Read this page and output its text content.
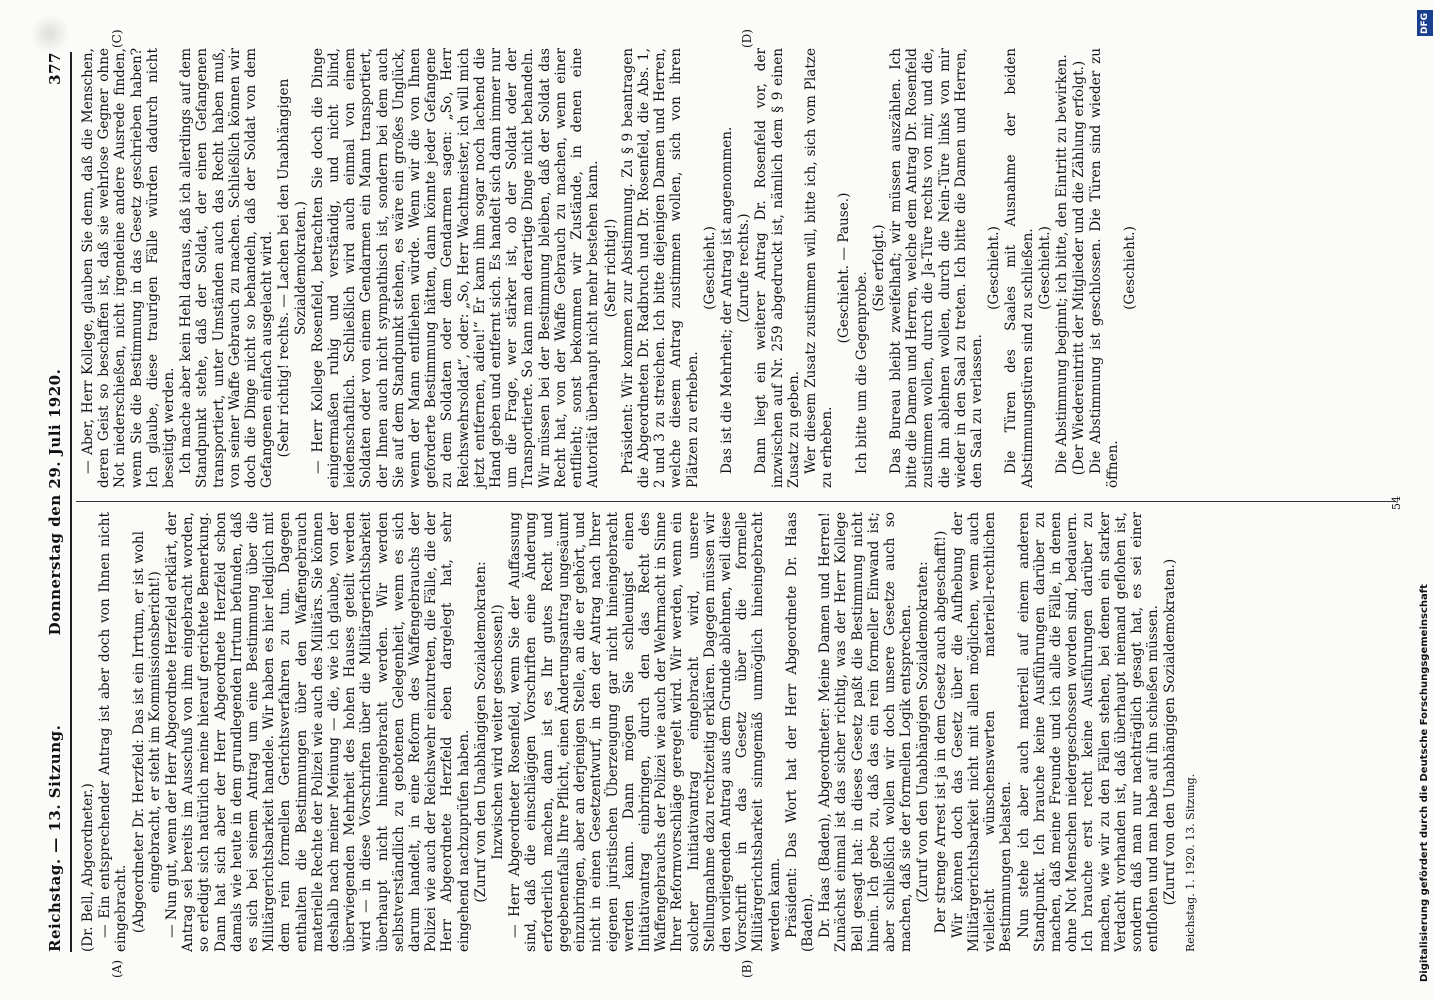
Reichstag. — 13. Sitzung.
Donnerstag den 29. Juli 1920.
377
(A)	(B)
(C)	(D)

(Dr. Bell, Abgeordneter.) — Ein entsprechender Antrag ist aber doch von Ihnen nicht eingebracht. (Abgeordneter Dr. Herzfeld: Das ist ein Irrtum, er ist wohl eingebracht, er steht im Kommissionsbericht!) — Nun gut, wenn der Herr Abgeordnete Herzfeld erklärt, der Antrag sei bereits im Ausschuß von ihm eingebracht worden, so erledigt sich natürlich meine hierauf gerichtete Bemerkung. Dann hat sich aber der Herr Abgeordnete Herzfeld schon damals wie heute in dem grundlegenden Irrtum befunden, daß es sich bei seinem Antrag um eine Bestimmung über die Militärgerichtsbarkeit handele. Wir haben es hier lediglich mit dem rein formellen Gerichtsverfahren zu tun. Dagegen enthalten die Bestimmungen über den Waffengebrauch materielle Rechte der Polizei wie auch des Militärs. Sie können deshalb nach meiner Meinung — die, wie ich glaube, von der überwiegenden Mehrheit des hohen Hauses geteilt werden wird — in diese Vorschriften über die Militärgerichtsbarkeit überhaupt nicht hineingebracht werden. Wir werden selbstverständlich zu gebotenen Gelegenheit, wenn es sich darum handelt, in eine Reform des Waffengebrauchs der Polizei wie auch der Reichswehr einzutreten, die Fälle, die der Herr Abgeordnete Herzfeld eben dargelegt hat, sehr eingehend nachzuprüfen haben. (Zuruf von den Unabhängigen Sozialdemokraten: Inzwischen wird weiter geschossen!) — Herr Abgeordneter Rosenfeld, wenn Sie der Auffassung sind, daß die einschlägigen Vorschriften eine Änderung erforderlich machen, dann ist es Ihr gutes Recht und gegebenenfalls Ihre Pflicht, einen Änderungsantrag ungesäumt einzubringen, aber an derjenigen Stelle, an die er gehört, und nicht in einen Gesetzentwurf, in den der Antrag nach Ihrer eigenen juristischen Überzeugung gar nicht hineingebracht werden kann. Dann mögen Sie schleunigst einen Initiativantrag einbringen, durch den das Recht des Waffengebrauchs der Polizei wie auch der Wehrmacht in Sinne Ihrer Reformvorschläge geregelt wird. Wir werden, wenn ein solcher Initiativantrag eingebracht wird, unsere Stellungnahme dazu rechtzeitig erklären. Dagegen müssen wir den vorliegenden Antrag aus dem Grunde ablehnen, weil diese Vorschrift in das Gesetz über die formelle Militärgerichtsbarkeit sinngemäß unmöglich hineingebracht werden kann. Präsident: Das Wort hat der Herr Abgeordnete Dr. Haas (Baden). Dr. Haas (Baden), Abgeordneter: Meine Damen und Herren! Zunächst einmal ist das sicher richtig, was der Herr Kollege Bell gesagt hat: in dieses Gesetz paßt die Bestimmung nicht hinein. Ich gebe zu, daß das ein rein formeller Einwand ist; aber schließlich wollen wir doch unsere Gesetze auch so machen, daß sie der formellen Logik entsprechen. (Zuruf von den Unabhängigen Sozialdemokraten: Der strenge Arrest ist ja in dem Gesetz auch abgeschafft!) Wir können doch das Gesetz über die Aufhebung der Militärgerichtsbarkeit nicht mit allen möglichen, wenn auch vielleicht wünschenswerten materiell-rechtlichen Bestimmungen belasten. Nun stehe ich aber auch materiell auf einem anderen Standpunkt. Ich brauche keine Ausführungen darüber zu machen, daß meine Freunde und ich alle die Fälle, in denen ohne Not Menschen niedergeschossen worden sind, bedauern. Ich brauche erst recht keine Ausführungen darüber zu machen, wie wir zu den Fällen stehen, bei denen ein starker Verdacht vorhanden ist, daß überhaupt niemand geflohen ist, sondern daß man nur nachträglich gesagt hat, es sei einer entflohen und man habe auf ihn schießen müssen. (Zuruf von den Unabhängigen Sozialdemokraten.) Reichstag. 1. 1920. 13. Sitzung.

— Aber, Herr Kollege, glauben Sie denn, daß die Menschen, deren Geist so beschaffen ist, daß sie wehrlose Gegner ohne Not niederschießen, nicht irgendeine andere Ausrede finden, wenn Sie die Bestimmung in das Gesetz geschrieben haben? Ich glaube, diese traurigen Fälle würden dadurch nicht beseitigt werden. Ich mache aber kein Hehl daraus, daß ich allerdings auf dem Standpunkt stehe, daß der Soldat, der einen Gefangenen transportiert, unter Umständen auch das Recht haben muß, von seiner Waffe Gebrauch zu machen. Schließlich können wir doch die Dinge nicht so behandeln, daß der Soldat von dem Gefangenen einfach ausgelacht wird. (Sehr richtig! rechts. — Lachen bei den Unabhängigen Sozialdemokraten.) — Herr Kollege Rosenfeld, betrachten Sie doch die Dinge einigermaßen ruhig und verständig, und nicht blind, leidenschaftlich. Schließlich wird auch einmal von einem Soldaten oder von einem Gendarmen ein Mann transportiert, der Ihnen auch nicht sympathisch ist, sondern bei dem auch Sie auf dem Standpunkt stehen, es wäre ein großes Unglück, wenn der Mann entfliehen würde. Wenn wir die von Ihnen geforderte Bestimmung hätten, dann könnte jeder Gefangene zu dem Soldaten oder dem Gendarmen sagen: „So, Herr Reichswehrsoldat“, oder: „So, Herr Wachtmeister, ich will mich jetzt entfernen, adieu!“ Er kann ihm sogar noch lachend die Hand geben und entfernt sich. Es handelt sich dann immer nur um die Frage, wer stärker ist, ob der Soldat oder der Transportierte. So kann man derartige Dinge nicht behandeln. Wir müssen bei der Bestimmung bleiben, daß der Soldat das Recht hat, von der Waffe Gebrauch zu machen, wenn einer entflieht; sonst bekommen wir Zustände, in denen eine Autorität überhaupt nicht mehr bestehen kann. (Sehr richtig!) Präsident: Wir kommen zur Abstimmung. Zu § 9 beantragen die Abgeordneten Dr. Radbruch und Dr. Rosenfeld, die Abs. 1, 2 und 3 zu streichen. Ich bitte diejenigen Damen und Herren, welche diesem Antrag zustimmen wollen, sich von ihren Plätzen zu erheben.

(Geschieht.) Das ist die Mehrheit; der Antrag ist angenommen. (Zurufe rechts.) Dann liegt ein weiterer Antrag Dr. Rosenfeld vor, der inzwischen auf Nr. 259 abgedruckt ist, nämlich dem § 9 einen Zusatz zu geben. Wer diesem Zusatz zustimmen will, bitte ich, sich vom Platze zu erheben.

(Geschieht. — Pause.)

Ich bitte um die Gegenprobe.

(Sie erfolgt.) Das Bureau bleibt zweifelhaft; wir müssen auszählen. Ich bitte die Damen und Herren, welche dem Antrag Dr. Rosenfeld zustimmen wollen, durch die Ja-Türe rechts von mir, und die, die ihn ablehnen wollen, durch die Nein-Türe links von mir wieder in den Saal zu treten. Ich bitte die Damen und Herren, den Saal zu verlassen.

(Geschieht.) Die Türen des Saales mit Ausnahme der beiden Abstimmungstüren sind zu schließen. (Geschieht.) Die Abstimmung beginnt; ich bitte, den Eintritt zu bewirken. (Der Wiedereintritt der Mitglieder und die Zählung erfolgt.) Die Abstimmung ist geschlossen. Die Türen sind wieder zu öffnen.

(Geschieht.)

54
DFG
Digitalisierung gefördert durch die Deutsche Forschungsgemeinschaft
